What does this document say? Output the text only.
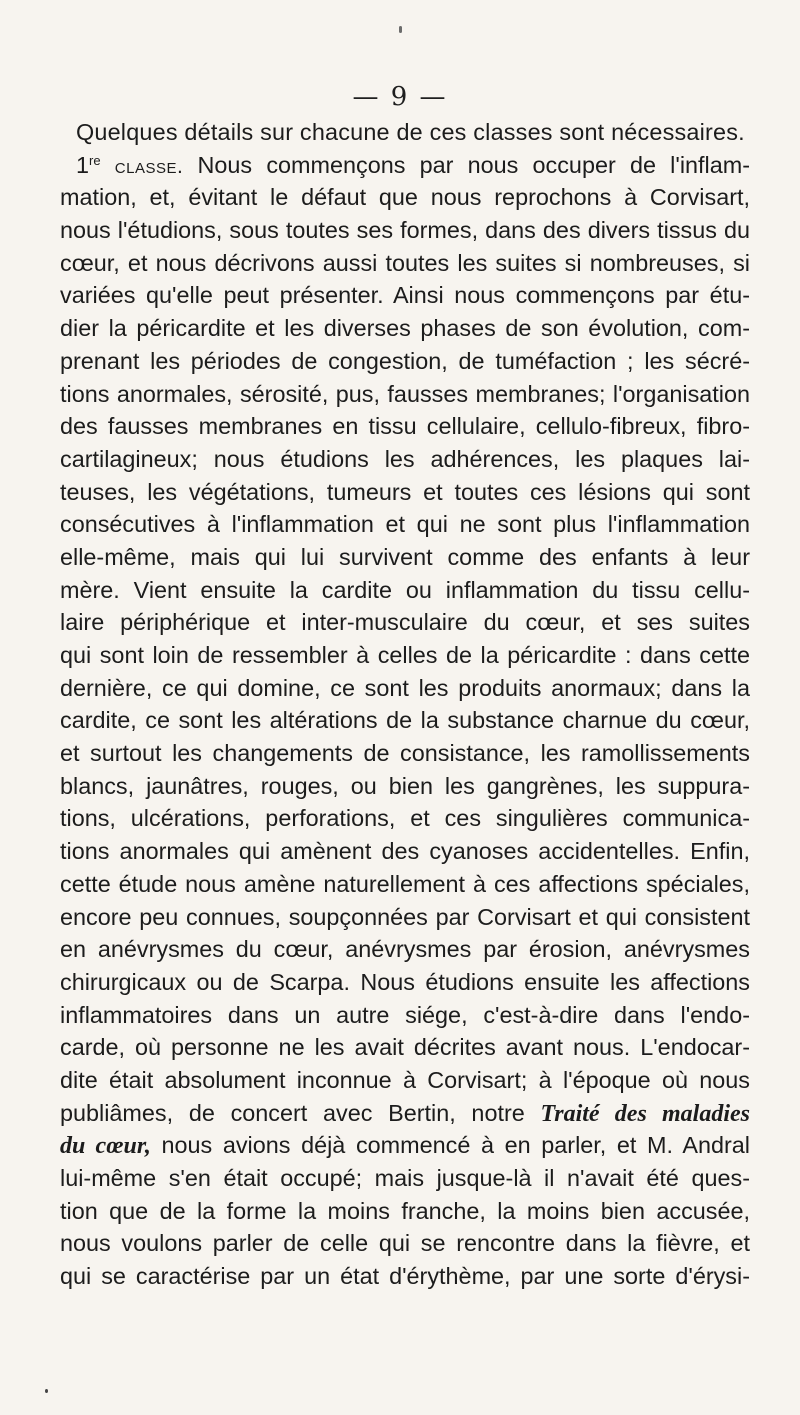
— 9 —
Quelques détails sur chacune de ces classes sont nécessaires.
1re classe. Nous commençons par nous occuper de l'inflam-
mation, et, évitant le défaut que nous reprochons à Corvisart,
nous l'étudions, sous toutes ses formes, dans des divers tissus du
cœur, et nous décrivons aussi toutes les suites si nombreuses, si
variées qu'elle peut présenter. Ainsi nous commençons par étu-
dier la péricardite et les diverses phases de son évolution, com-
prenant les périodes de congestion, de tuméfaction ; les sécré-
tions anormales, sérosité, pus, fausses membranes; l'organisation
des fausses membranes en tissu cellulaire, cellulo-fibreux, fibro-
cartilagineux; nous étudions les adhérences, les plaques lai-
teuses, les végétations, tumeurs et toutes ces lésions qui sont
consécutives à l'inflammation et qui ne sont plus l'inflammation
elle-même, mais qui lui survivent comme des enfants à leur
mère. Vient ensuite la cardite ou inflammation du tissu cellu-
laire périphérique et inter-musculaire du cœur, et ses suites
qui sont loin de ressembler à celles de la péricardite : dans cette
dernière, ce qui domine, ce sont les produits anormaux; dans la
cardite, ce sont les altérations de la substance charnue du cœur,
et surtout les changements de consistance, les ramollissements
blancs, jaunâtres, rouges, ou bien les gangrènes, les suppura-
tions, ulcérations, perforations, et ces singulières communica-
tions anormales qui amènent des cyanoses accidentelles. Enfin,
cette étude nous amène naturellement à ces affections spéciales,
encore peu connues, soupçonnées par Corvisart et qui consistent
en anévrysmes du cœur, anévrysmes par érosion, anévrysmes
chirurgicaux ou de Scarpa. Nous étudions ensuite les affections
inflammatoires dans un autre siége, c'est-à-dire dans l'endo-
carde, où personne ne les avait décrites avant nous. L'endocar-
dite était absolument inconnue à Corvisart; à l'époque où nous
publiâmes, de concert avec Bertin, notre Traité des maladies
du cœur, nous avions déjà commencé à en parler, et M. Andral
lui-même s'en était occupé; mais jusque-là il n'avait été ques-
tion que de la forme la moins franche, la moins bien accusée,
nous voulons parler de celle qui se rencontre dans la fièvre, et
qui se caractérise par un état d'érythème, par une sorte d'érysi-
